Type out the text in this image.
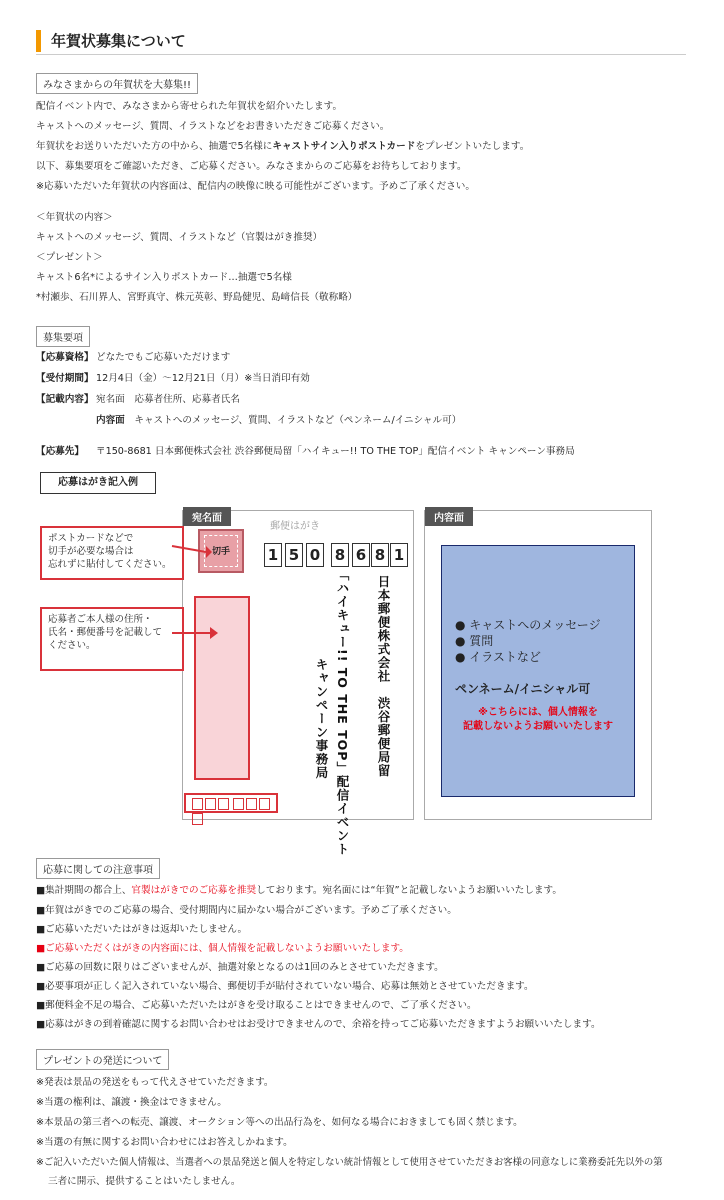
年賀状募集について
みなさまからの年賀状を大募集!!
配信イベント内で、みなさまから寄せられた年賀状を紹介いたします。
キャストへのメッセージ、質問、イラストなどをお書きいただきご応募ください。
年賀状をお送りいただいた方の中から、抽選で5名様にキャストサイン入りポストカードをプレゼントいたします。
以下、募集要項をご確認いただき、ご応募ください。みなさまからのご応募をお待ちしております。
※応募いただいた年賀状の内容面は、配信内の映像に映る可能性がございます。予めご了承ください。
＜年賀状の内容＞
キャストへのメッセージ、質問、イラストなど（官製はがき推奨）
＜プレゼント＞
キャスト6名*によるサイン入りポストカード…抽選で5名様
*村瀬歩、石川界人、宮野真守、株元英彰、野島健児、島﨑信長（敬称略）
募集要項
【応募資格】 どなたでもご応募いただけます
【受付期間】 12月4日（金）～12月21日（月）※当日消印有効
【記載内容】 宛名面　応募者住所、応募者氏名
内容面　 キャストへのメッセージ、質問、イラストなど（ペンネーム/イニシャル可）
【応募先】 〒150-8681 日本郵便株式会社 渋谷郵便局留「ハイキュー!! TO THE TOP」配信イベント キャンペーン事務局
応募はがき記入例
宛名面
郵便はがき
切手	1 5 0 8 6 8 1
日本郵便株式会社　渋谷郵便局留
「ハイキュー!! TO THE TOP」配信イベント
キャンペーン事務局
ポストカードなどで
切手が必要な場合は
忘れずに貼付してください。
応募者ご本人様の住所・
氏名・郵便番号を記載して
ください。
内容面
● キャストへのメッセージ
● 質問
● イラストなど
ペンネーム/イニシャル可
※こちらには、個人情報を
記載しないようお願いいたします
応募に関しての注意事項
■集計期間の都合上、官製はがきでのご応募を推奨しております。宛名面には“年賀”と記載しないようお願いいたします。
■年賀はがきでのご応募の場合、受付期間内に届かない場合がございます。予めご了承ください。
■ご応募いただいたはがきは返却いたしません。
■ご応募いただくはがきの内容面には、個人情報を記載しないようお願いいたします。
■ご応募の回数に限りはございませんが、抽選対象となるのは1回のみとさせていただきます。
■必要事項が正しく記入されていない場合、郵便切手が貼付されていない場合、応募は無効とさせていただきます。
■郵便料金不足の場合、ご応募いただいたはがきを受け取ることはできませんので、ご了承ください。
■応募はがきの到着確認に関するお問い合わせはお受けできませんので、余裕を持ってご応募いただきますようお願いいたします。
プレゼントの発送について
※発表は景品の発送をもって代えさせていただきます。
※当選の権利は、譲渡・換金はできません。
※本景品の第三者への転売、譲渡、オークション等への出品行為を、如何なる場合におきましても固く禁じます。
※当選の有無に関するお問い合わせにはお答えしかねます。
※ご記入いただいた個人情報は、当選者への景品発送と個人を特定しない統計情報として使用させていただきお客様の同意なしに業務委託先以外の第
三者に開示、提供することはいたしません。
